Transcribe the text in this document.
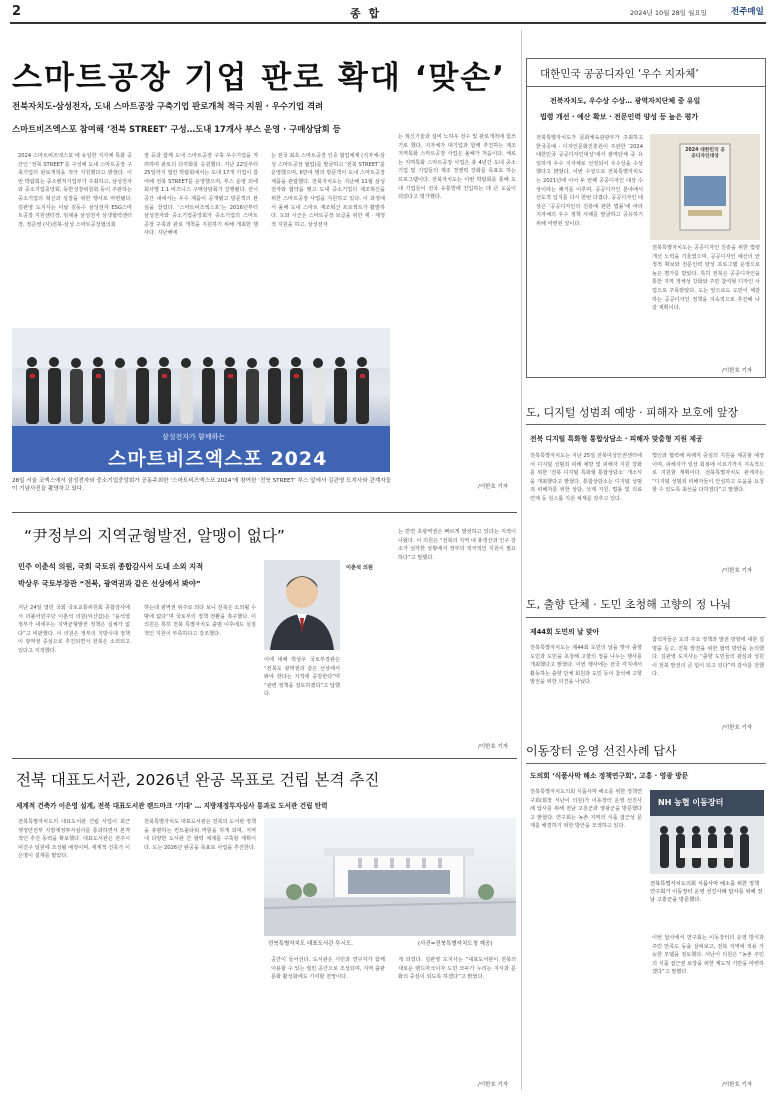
2	종 합	2024년 10월 28일 월요일	전주매일
스마트공장 기업 판로 확대 ‘맞손’
전북자치도-삼성전자, 도내 스마트공장 구축기업 판로개척 적극 지원 · 우수기업 격려
스마트비즈엑스포 참여해 ‘전북 STREET’ 구성…도내 17개사 부스 운영 · 구매상담회 등
2024 스마트비즈엑스포’에 유일한 지자체 특화 공간인 ‘전북 STREET’를 구성해 도내 스마트공장 구축기업의 판로개척을 적극 지원했다고 밝혔다. 이번 박람회는 중소벤처기업부가 주최하고, 삼성전자와 중소기업중앙회, 동반성장위원회 등이 주관하는 중소기업의 혁신과 성장을 위한 행사로 마련됐다. 김관영 도지사는 이날 김동수 삼성전자 ESG스마트공장 지원센터장, 임채용 삼성전자 상생협력센터장, 정준영 (사)전북-삼성 스마트공장협의회
장 등과 함께 도내 스마트공장 구축 우수기업을 격려하며 판로의 다각화를 응원했다. 지난 22일부터 25일까지 열린 박람회에서는 도내 17개 기업이 참여해 전북 STREET를 운영했으며, 부스 운영 외에 회사별 1:1 비즈니스 구매상담회가 진행됐다. 전시 공간 내에서는 우수 제품이 공개됐고 방문객의 관심을 끌었다. ‘스마트비즈엑스포’는 2016년부터 삼성전자와 중소기업중앙회가 중소기업의 스마트공장 구축과 판로 개척을 지원하기 위해 개최한 행사다. 지난해에
는 전국 최초 스마트공장 인증 협업체계 (지자체-삼성 스마트공장 협업)를 발굴하고 ‘전북 STREET’를 운영했으며, 6만여 명의 방문객이 도내 스마트공장 제품을 관람했다. 전북자치도는 지난해 11월 삼성전자와 협약을 맺고 도내 중소기업의 제조혁신을 위한 스마트공장 사업을 지원하고 있다. 이 과정에서 올해 도내 스마트 제조혁신 프로젝트가 활발하다. 도와 시군은 스마트공장 보급을 위한 재 · 재정적 지원을 하고, 삼성전자
는 혁신기술과 설비 노하우 전수 및 판로개척에 힘쓰기로 했다. 지자체가 대기업과 함께 추진하는 제조 지역특화 스마트공장 사업은 올해가 처음이다. 체로는 지역특화 스마트공장 사업은 총 4년간 도내 중소기업 및 기업들의 제조 경쟁력 강화를 목표로 하는 프로그램이다. 전북자치도는 이번 박람회를 통해 도내 기업들이 전국 유통망에 진입하는 데 큰 도움이 되었다고 평가했다.
/이한호 기자
삼성전자가 함께하는
스마트비즈엑스포 2024
28일 서울 코엑스에서 삼성전자와 중소기업중앙회가 공동주최한 ‘스마트비즈엑스포 2024’에 참여한 ‘전북 STREET’ 부스 앞에서 김관영 도지사와 관계자들이 기념사진을 촬영하고 있다.
대한민국 공공디자인 ‘우수 지자체’
전북자치도, 우수상 수상… 광역자치단체 중 유일
법령 개선 · 예산 확보 · 전문인력 양성 등 높은 평가
전북특별자치도가 문화체육관광부가 주최하고 한국공예 · 디자인문화진흥원이 주관한 ‘2024 대한민국 공공디자인대상’에서 광역단체 중 유일하게 우수 지자체로 선정되어 우수상을 수상했다고 밝혔다. 이번 수상으로 전북특별자치도는 2021년에 이어 두 번째 공공디자인 대상 수상이라는 쾌거를 이루며, 공공디자인 분야에서 선도적 입지를 다시 한번 다졌다. 공공디자인 대상은 ‘공공디자인의 진흥에 관한 법률’에 따라 지자체의 우수 정책 사례를 발굴하고 공유하기 위해 마련된 상이다.
2024 대한민국 공공디자인대상
전북특별자치도는 공공디자인 진흥을 위한 법령 개선 노력을 기울였으며, 공공디자인 예산의 안정적 확보와 전문인력 양성 프로그램 운영으로 높은 평가를 받았다. 특히 전북은 공공디자인을 통한 지역 정체성 강화와 주민 참여형 디자인 사업으로 주목받았다. 도는 앞으로도 도민이 체감하는 공공디자인 정책을 지속적으로 추진해 나갈 계획이다.
/이한호 기자
도, 디지털 성범죄 예방 · 피해자 보호에 앞장
전북 디지털 특화형 통합상담소 · 피해자 맞춤형 지원 제공
전북특별자치도는 지난 25일 전북여성인권센터에서 디지털 성범죄 피해 예방 및 피해자 지원 강화를 위한 ‘전북 디지털 특화형 통합상담소’ 개소식을 개최했다고 밝혔다. 통합상담소는 디지털 성범죄 피해자를 위한 상담, 삭제 지원, 법률 및 의료 연계 등 원스톱 지원 체계를 갖추고 있다.
법인과 협력해 피해자 중심의 지원을 제공할 예정이며, 피해자가 일상 회복에 이르기까지 지속적으로 지원할 계획이다. 전북특별자치도 관계자는 “디지털 성범죄 피해자들이 안심하고 도움을 요청할 수 있도록 최선을 다하겠다”고 말했다.
/이한호 기자
도, 출향 단체 · 도민 초청해 고향의 정 나눠
제44회 도민의 날 맞아
전북특별자치도는 제44회 도민의 날을 맞아 출향 도민과 도민을 초청해 고향의 정을 나누는 행사를 개최했다고 밝혔다. 이번 행사에는 전국 각지에서 활동하는 출향 단체 회원과 도민 등이 참석해 고향 발전을 위한 의견을 나눴다.
참석자들은 도의 주요 정책과 발전 방향에 대한 설명을 듣고, 전북 발전을 위한 협력 방안을 논의했다. 김관영 도지사는 “출향 도민들의 관심과 성원이 전북 발전의 큰 힘이 되고 있다”며 감사를 전했다.
/이한호 기자
“尹정부의 지역균형발전, 알맹이 없다”
민주 이춘석 의원, 국회 국토위 종합감사서 도내 소외 지적
박상우 국토부장관 “전북, 광역권과 같은 선상에서 봐야”
지난 24일 열린 국회 국토교통위원회 종합감사에서 더불어민주당 이춘석 의원(익산갑)은 “윤석열 정부가 내세우는 지역균형발전 정책은 실체가 없다”고 비판했다. 이 의원은 정부의 지방시대 정책이 광역권 중심으로 추진되면서 전북은 소외되고 있다고 지적했다.
하는데 광역권 위주로 되다 보니 전북은 소외될 수밖에 없다”며 국토부의 정책 전환을 촉구했다. 이 의원은 특히 전북 특별자치도 출범 이후에도 실질적인 지원이 부족하다고 강조했다.
이에 대해 박상우 국토부장관은 “전북도 광역권과 같은 선상에서 봐야 한다는 지적에 공감한다”며 “관련 정책을 검토하겠다”고 답했다.
이춘석 의원
는 반면 초광역권은 빠르게 발전하고 있다는 지적이 나왔다. 이 의원은 “전북의 지역 내 총생산과 인구 감소가 심각한 상황에서 정부의 적극적인 지원이 필요하다”고 말했다.
/이한호 기자
전북 대표도서관, 2026년 완공 목표로 건립 본격 추진
세계적 건축가 이은영 설계, 전북 대표도서관 랜드마크 ‘기대’ … 지방재정투자심사 통과로 도서관 건립 탄력
전북특별자치도의 대표도서관 건립 사업이 최근 행정안전부 지방재정투자심사를 통과하면서 본격적인 추진 동력을 확보했다. 대표도서관은 전주시 덕진구 일원에 조성될 예정이며, 세계적 건축가 이은영이 설계를 맡았다.
전북특별자치도 대표도서관은 전북의 도서관 정책을 총괄하는 컨트롤타워 역할을 하게 되며, 지역 내 다양한 도서관 간 협력 체계를 구축할 계획이다. 도는 2026년 완공을 목표로 사업을 추진한다.
전북특별자치도 대표도서관 투시도.	(사진=전북특별자치도청 제공)
공간이 들어선다. 도서관은 시민과 연구자가 함께 이용할 수 있는 열린 공간으로 조성되며, 지역 출판 문화 활성화에도 기여할 전망이다.
게 되었다. 김관영 도지사는 “대표도서관이 전북의 새로운 랜드마크이자 도민 모두가 누리는 지식과 문화의 중심이 되도록 하겠다”고 밝혔다.
/이한호 기자
이동장터 운영 선진사례 답사
도의회 ‘식품사막 해소 정책연구회’, 고흥 · 영광 방문
전북특별자치도의회 식품사막 해소를 위한 정책연구회(회장 서난이 의원)가 이동장터 운영 선진사례 답사를 위해 전남 고흥군과 영광군을 방문했다고 밝혔다. 연구회는 농촌 지역의 식품 접근성 문제를 해결하기 위한 방안을 모색하고 있다.
NH 농협 이동장터
전북특별자치도의회 식품사막 해소를 위한 정책연구회가 이동장터 운영 선진사례 답사를 위해 전남 고흥군을 방문했다.
이번 답사에서 연구회는 이동장터의 운영 방식과 주민 만족도 등을 살펴보고, 전북 지역에 적용 가능한 모델을 검토했다. 서난이 의원은 “농촌 주민의 식품 접근권 보장을 위한 제도적 기반을 마련하겠다”고 말했다.
/이한호 기자
